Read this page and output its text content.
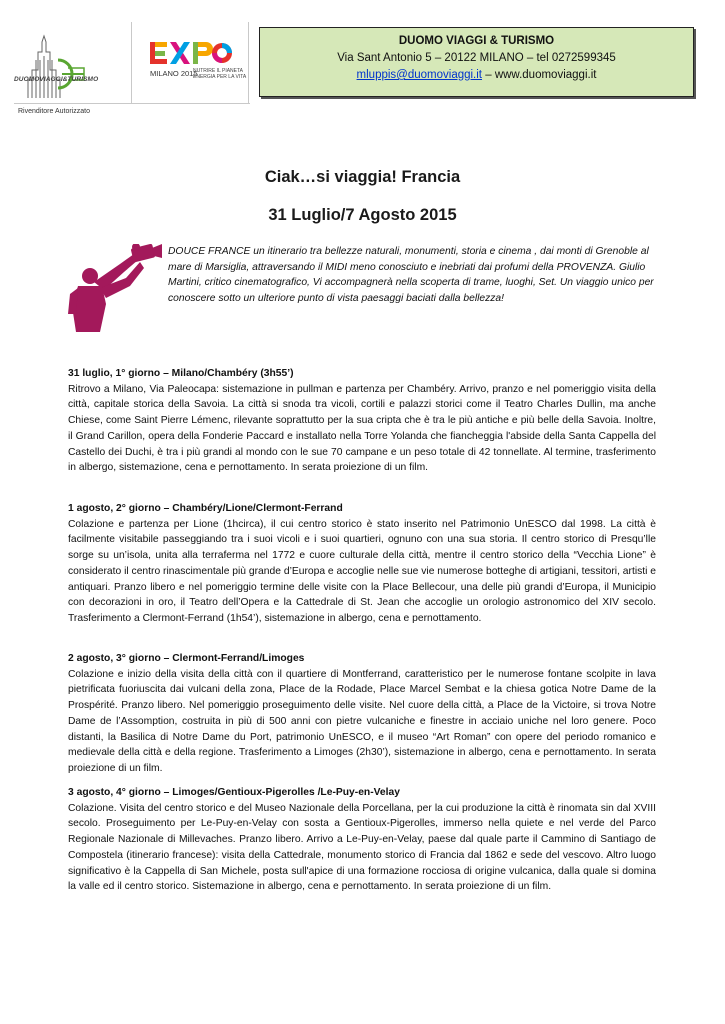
DUOMOVIAGGI&TURISMO
Rivenditore Autorizzato
MILANO 2015
NUTRIRE IL PIANETA
ENERGIA PER LA VITA
DUOMO VIAGGI & TURISMO
Via Sant Antonio 5 – 20122 MILANO – tel 0272599345
mluppis@duomoviaggi.it – www.duomoviaggi.it
Ciak…si viaggia! Francia
31 Luglio/7 Agosto 2015
DOUCE FRANCE un itinerario tra bellezze naturali, monumenti, storia e cinema , dai monti di Grenoble al mare di Marsiglia, attraversando il MIDI meno conosciuto e inebriati dai profumi della PROVENZA. Giulio Martini, critico cinematografico, Vi accompagnerà nella scoperta di trame, luoghi, Set. Un viaggio unico per conoscere sotto un ulteriore punto di vista paesaggi baciati dalla bellezza!
31 luglio, 1° giorno – Milano/Chambéry (3h55’)

Ritrovo a Milano, Via Paleocapa: sistemazione in pullman e partenza per Chambéry. Arrivo, pranzo e nel pomeriggio visita della città, capitale storica della Savoia. La città si snoda tra vicoli, cortili e palazzi storici come il Teatro Charles Dullin, ma anche Chiese, come Saint Pierre Lémenc, rilevante soprattutto per la sua cripta che è tra le più antiche e più belle della Savoia. Inoltre, il Grand Carillon, opera della Fonderie Paccard e installato nella Torre Yolanda che fiancheggia l'abside della Santa Cappella del Castello dei Duchi, è tra i più grandi al mondo con le sue 70 campane e un peso totale di 42 tonnellate. Al termine, trasferimento in albergo, sistemazione, cena e pernottamento. In serata proiezione di un film.

1 agosto, 2° giorno – Chambéry/Lione/Clermont-Ferrand

Colazione e partenza per Lione (1hcirca), il cui centro storico è stato inserito nel Patrimonio UnESCO dal 1998. La città è facilmente visitabile passeggiando tra i suoi vicoli e i suoi quartieri, ognuno con una sua storia. Il centro storico di Presqu’lle sorge su un’isola, unita alla terraferma nel 1772 e cuore culturale della città, mentre il centro storico della “Vecchia Lione” è considerato il centro rinascimentale più grande d’Europa e accoglie nelle sue vie numerose botteghe di artigiani, tessitori, artisti e antiquari. Pranzo libero e nel pomeriggio termine delle visite con la Place Bellecour, una delle più grandi d’Europa, il Municipio con decorazioni in oro, il Teatro dell’Opera e la Cattedrale di St. Jean che accoglie un orologio astronomico del XIV secolo. Trasferimento a Clermont-Ferrand (1h54’), sistemazione in albergo, cena e pernottamento.

2 agosto, 3° giorno – Clermont-Ferrand/Limoges

Colazione e inizio della visita della città con il quartiere di Montferrand, caratteristico per le numerose fontane scolpite in lava pietrificata fuoriuscita dai vulcani della zona, Place de la Rodade, Place Marcel Sembat e la chiesa gotica Notre Dame de la Prospérité. Pranzo libero. Nel pomeriggio proseguimento delle visite. Nel cuore della città, a Place de la Victoire, si trova Notre Dame de l’Assomption, costruita in più di 500 anni con pietre vulcaniche e finestre in acciaio uniche nel loro genere. Poco distanti, la Basilica di Notre Dame du Port, patrimonio UnESCO, e il museo “Art Roman” con opere del periodo romanico e medievale della città e della regione. Trasferimento a Limoges (2h30’), sistemazione in albergo, cena e pernottamento. In serata proiezione di un film.

3 agosto, 4° giorno – Limoges/Gentioux-Pigerolles /Le-Puy-en-Velay

Colazione. Visita del centro storico e del Museo Nazionale della Porcellana, per la cui produzione la città è rinomata sin dal XVIII secolo. Proseguimento per Le-Puy-en-Velay con sosta a Gentioux-Pigerolles, immerso nella quiete e nel verde del Parco Regionale Nazionale di Millevaches. Pranzo libero. Arrivo a Le-Puy-en-Velay, paese dal quale parte il Cammino di Santiago de Compostela (itinerario francese): visita della Cattedrale, monumento storico di Francia dal 1862 e sede del vescovo. Altro luogo significativo è la Cappella di San Michele, posta sull'apice di una formazione rocciosa di origine vulcanica, dalla quale si domina la valle ed il centro storico. Sistemazione in albergo, cena e pernottamento. In serata proiezione di un film.
